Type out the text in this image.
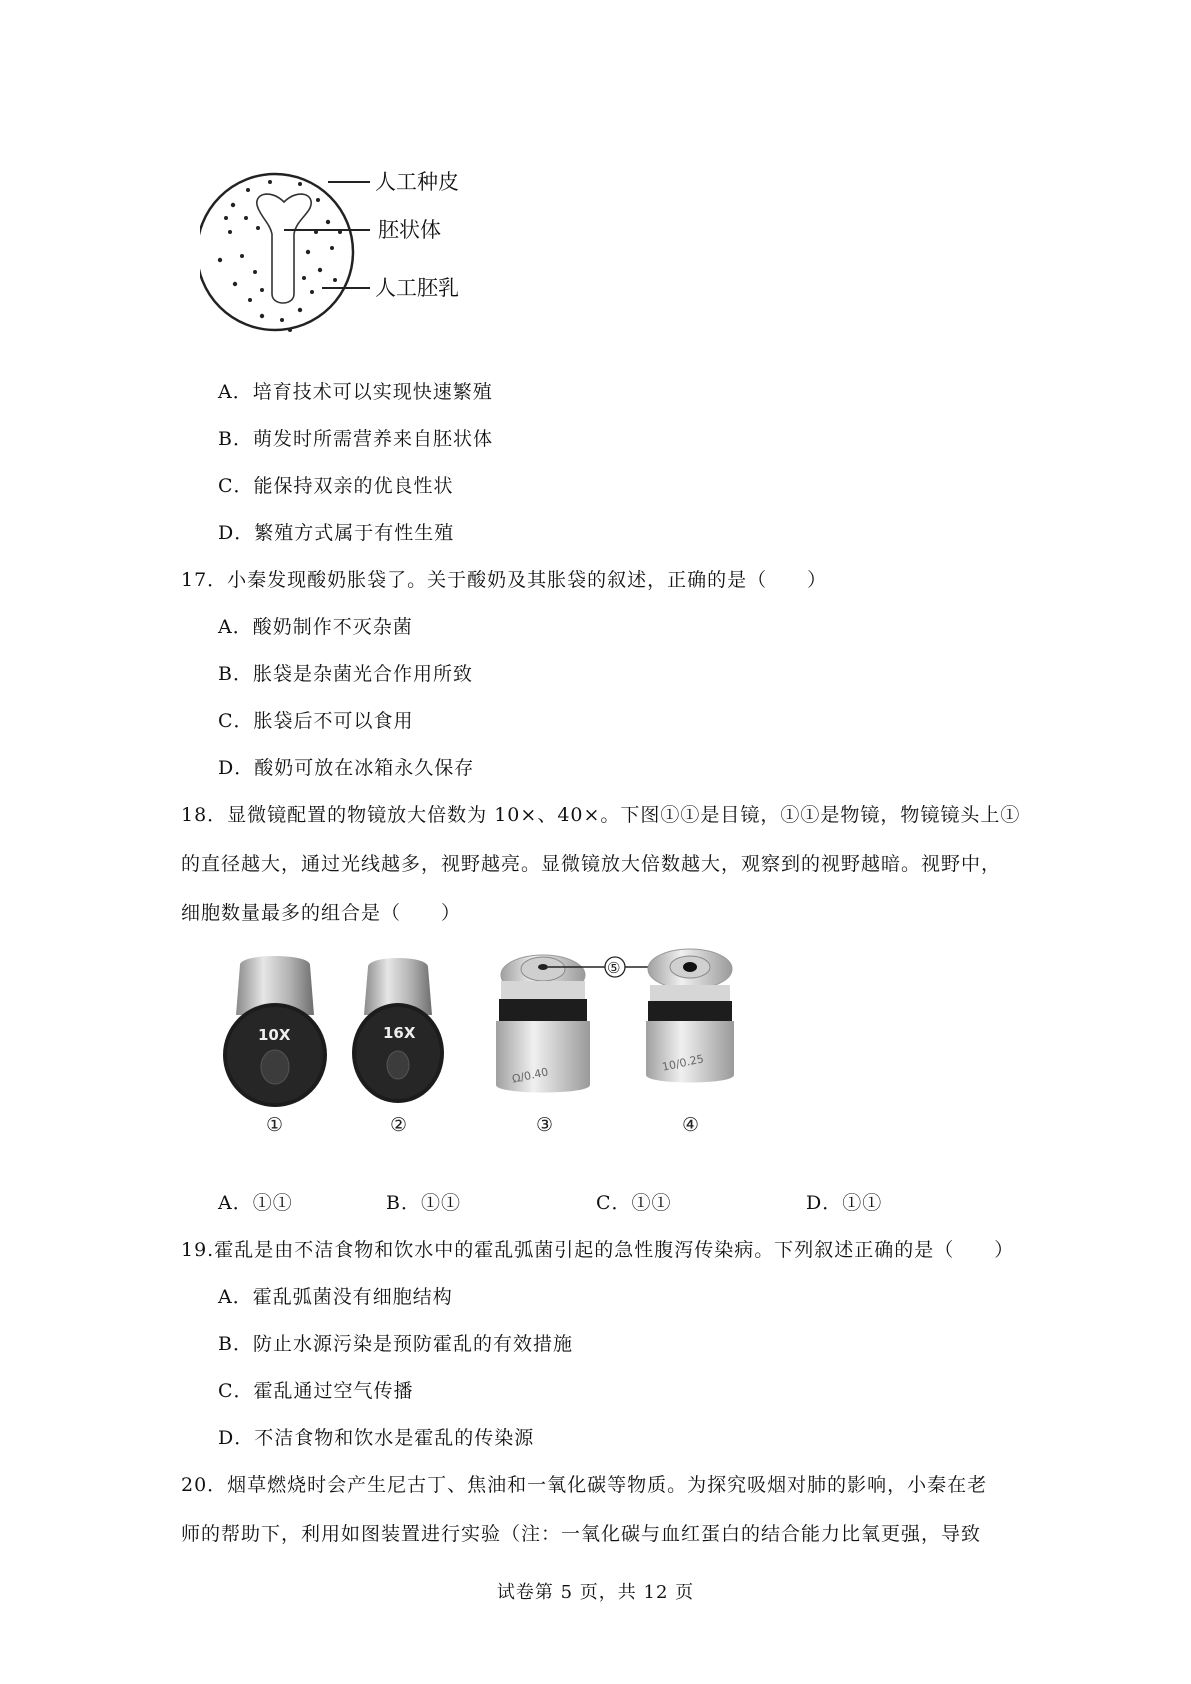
人工种皮
胚状体
人工胚乳
A．培育技术可以实现快速繁殖
B．萌发时所需营养来自胚状体
C．能保持双亲的优良性状
D．繁殖方式属于有性生殖
17．小秦发现酸奶胀袋了。关于酸奶及其胀袋的叙述，正确的是（　　）
A．酸奶制作不灭杂菌
B．胀袋是杂菌光合作用所致
C．胀袋后不可以食用
D．酸奶可放在冰箱永久保存
18．显微镜配置的物镜放大倍数为 10×、40×。下图①①是目镜，①①是物镜，物镜镜头上①
的直径越大，通过光线越多，视野越亮。显微镜放大倍数越大，观察到的视野越暗。视野中，
细胞数量最多的组合是（　　）
10X	16X
Ω/0.40
⑤
10/0.25
①	②	③	④
A．①①	B．①①	C．①①	D．①①
19.霍乱是由不洁食物和饮水中的霍乱弧菌引起的急性腹泻传染病。下列叙述正确的是（　　）
A．霍乱弧菌没有细胞结构
B．防止水源污染是预防霍乱的有效措施
C．霍乱通过空气传播
D．不洁食物和饮水是霍乱的传染源
20．烟草燃烧时会产生尼古丁、焦油和一氧化碳等物质。为探究吸烟对肺的影响，小秦在老
师的帮助下，利用如图装置进行实验（注：一氧化碳与血红蛋白的结合能力比氧更强，导致
试卷第 5 页，共 12 页
